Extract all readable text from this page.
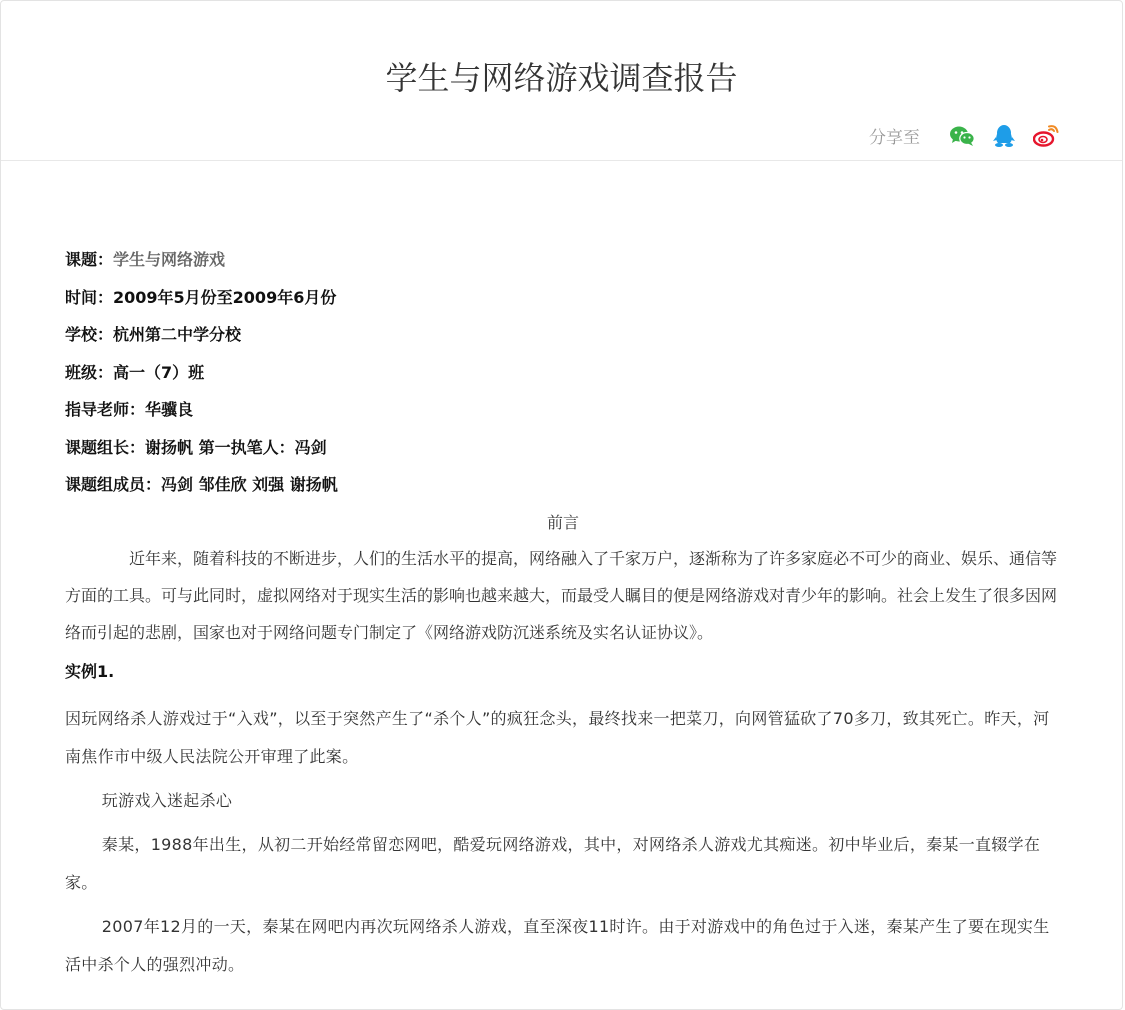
学生与网络游戏调查报告
分享至
课题：学生与网络游戏
时间：2009年5月份至2009年6月份
学校：杭州第二中学分校
班级：高一（7）班
指导老师：华骥良
课题组长：谢扬帆 第一执笔人：冯剑
课题组成员：冯剑 邹佳欣 刘强 谢扬帆
前言

近年来，随着科技的不断进步，人们的生活水平的提高，网络融入了千家万户，逐渐称为了许多家庭必不可少的商业、娱乐、通信等方面的工具。可与此同时，虚拟网络对于现实生活的影响也越来越大，而最受人瞩目的便是网络游戏对青少年的影响。社会上发生了很多因网络而引起的悲剧，国家也对于网络问题专门制定了《网络游戏防沉迷系统及实名认证协议》。

实例1.

因玩网络杀人游戏过于“入戏”，以至于突然产生了“杀个人”的疯狂念头，最终找来一把菜刀，向网管猛砍了70多刀，致其死亡。昨天，河南焦作市中级人民法院公开审理了此案。

玩游戏入迷起杀心

秦某，1988年出生，从初二开始经常留恋网吧，酷爱玩网络游戏，其中，对网络杀人游戏尤其痴迷。初中毕业后，秦某一直辍学在家。

2007年12月的一天，秦某在网吧内再次玩网络杀人游戏，直至深夜11时许。由于对游戏中的角色过于入迷，秦某产生了要在现实生活中杀个人的强烈冲动。
